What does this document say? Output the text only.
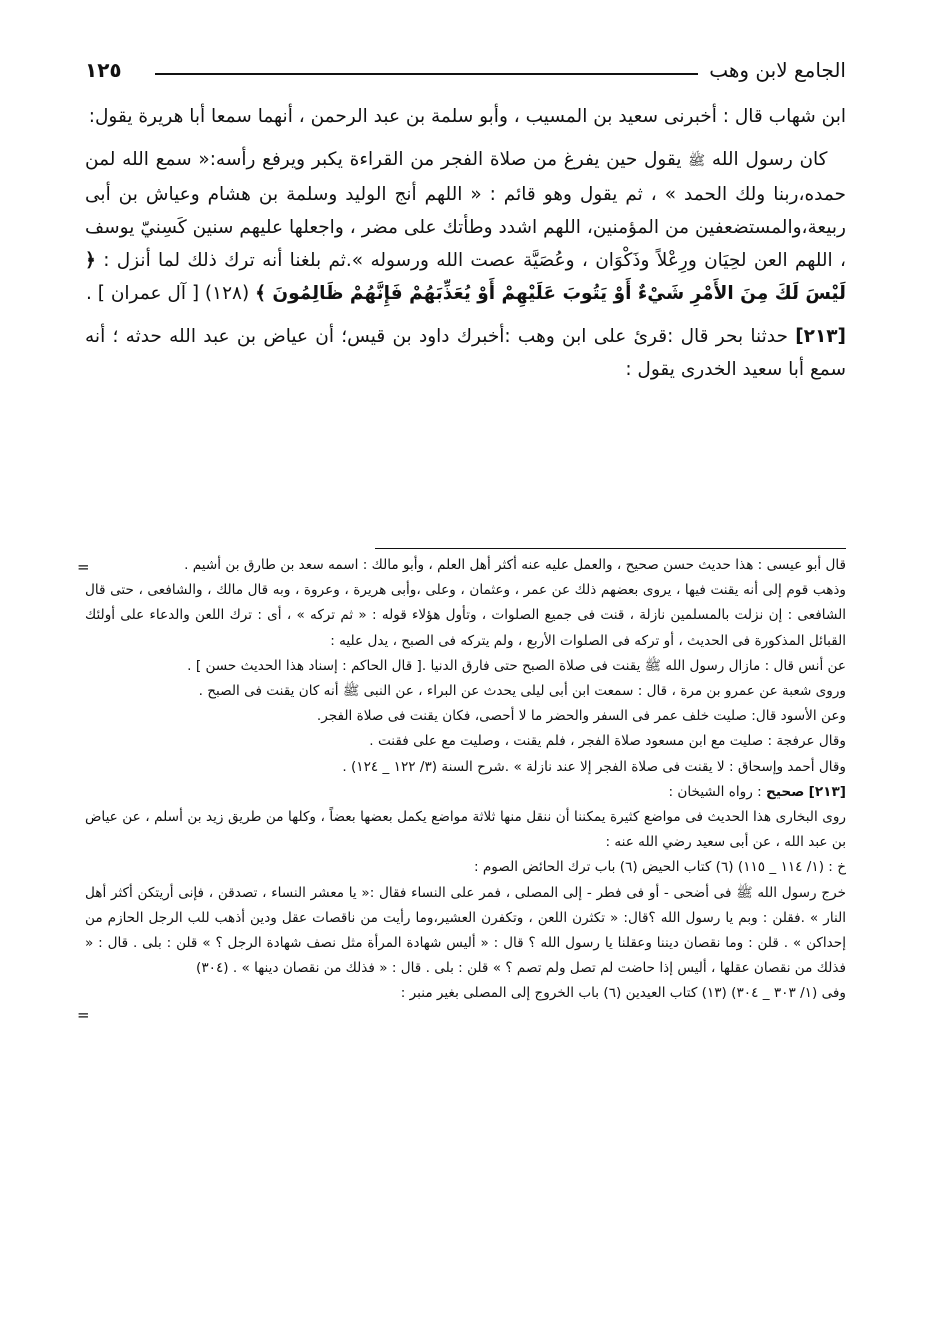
الجامع لابن وهب
١٢٥

ابن شهاب قال : أخبرنى سعيد بن المسيب ، وأبو سلمة بن عبد الرحمن ، أنهما سمعا أبا هريرة يقول:

 كان رسول الله ﷺ يقول حين يفرغ من صلاة الفجر من القراءة يكبر ويرفع رأسه:« سمع الله لمن حمده،ربنا ولك الحمد » ، ثم يقول وهو قائم : « اللهم أنج الوليد وسلمة بن هشام وعياش بن أبى ربيعة،والمستضعفين من المؤمنين، اللهم اشدد وطأتك على مضر ، واجعلها عليهم سنين كَسِنيّ يوسف ، اللهم العن لحِيَان ورِعْلاً وذَكْوَان ، وعُصَيَّة عصت الله ورسوله ».ثم بلغنا أنه ترك ذلك لما أنزل : ﴿ لَيْسَ لَكَ مِنَ الأَمْرِ شَيْءٌ أَوْ يَتُوبَ عَلَيْهِمْ أَوْ يُعَذِّبَهُمْ فَإِنَّهُمْ ظَالِمُونَ ﴾ (١٢٨) [ آل عمران ] .

[٢١٣] حدثنا بحر قال :قرئ على ابن وهب :أخبرك داود بن قيس؛ أن عياض بن عبد الله حدثه ؛ أنه سمع أبا سعيد الخدرى يقول :

=	قال أبو عيسى : هذا حديث حسن صحيح ، والعمل عليه عنه أكثر أهل العلم ، وأبو مالك : اسمه سعد بن طارق بن أشيم .

وذهب قوم إلى أنه يقنت فيها ، يروى بعضهم ذلك عن عمر ، وعثمان ، وعلى ،وأبى هريرة ، وعروة ، وبه قال مالك ، والشافعى ، حتى قال الشافعى : إن نزلت بالمسلمين نازلة ، قنت فى جميع الصلوات ، وتأول هؤلاء قوله : « ثم تركه » ، أى : ترك اللعن والدعاء على أولئك القبائل المذكورة فى الحديث ، أو تركه فى الصلوات الأربع ، ولم يتركه فى الصبح ، يدل عليه :

عن أنس قال : مازال رسول الله ﷺ يقنت فى صلاة الصبح حتى فارق الدنيا .[ قال الحاكم : إسناد هذا الحديث حسن ] .

وروى شعبة عن عمرو بن مرة ، قال : سمعت ابن أبى ليلى يحدث عن البراء ، عن النبى ﷺ أنه كان يقنت فى الصبح .

وعن الأسود قال: صليت خلف عمر فى السفر والحضر ما لا أحصى، فكان يقنت فى صلاة الفجر.

وقال عرفجة : صليت مع ابن مسعود صلاة الفجر ، فلم يقنت ، وصليت مع على فقنت .

وقال أحمد وإسحاق : لا يقنت فى صلاة الفجر إلا عند نازلة » .شرح السنة (٣/ ١٢٢ _ ١٢٤) .

[٢١٣] صحيح : رواه الشيخان :

روى البخارى هذا الحديث فى مواضع كثيرة يمكننا أن ننقل منها ثلاثة مواضع يكمل بعضها بعضاً ، وكلها من طريق زيد بن أسلم ، عن عياض بن عبد الله ، عن أبى سعيد رضي الله عنه :

خ : (١/ ١١٤ _ ١١٥) (٦) كتاب الحيض (٦) باب ترك الحائض الصوم :

خرج رسول الله ﷺ فى أضحى - أو فى فطر - إلى المصلى ، فمر على النساء فقال :« يا معشر النساء ، تصدقن ، فإنى أريتكن أكثر أهل النار » .فقلن : وبم يا رسول الله ؟قال: « تكثرن اللعن ، وتكفرن العشير،وما رأيت من ناقصات عقل ودين أذهب للب الرجل الحازم من إحداكن » . قلن : وما نقصان ديننا وعقلنا يا رسول الله ؟ قال : « أليس شهادة المرأة مثل نصف شهادة الرجل ؟ » قلن : بلى . قال : « فذلك من نقصان عقلها ، أليس إذا حاضت لم تصل ولم تصم ؟ » قلن : بلى . قال : « فذلك من نقصان دينها » . (٣٠٤)

وفى (١/ ٣٠٣ _ ٣٠٤) (١٣) كتاب العيدين (٦) باب الخروج إلى المصلى بغير منبر :

=
